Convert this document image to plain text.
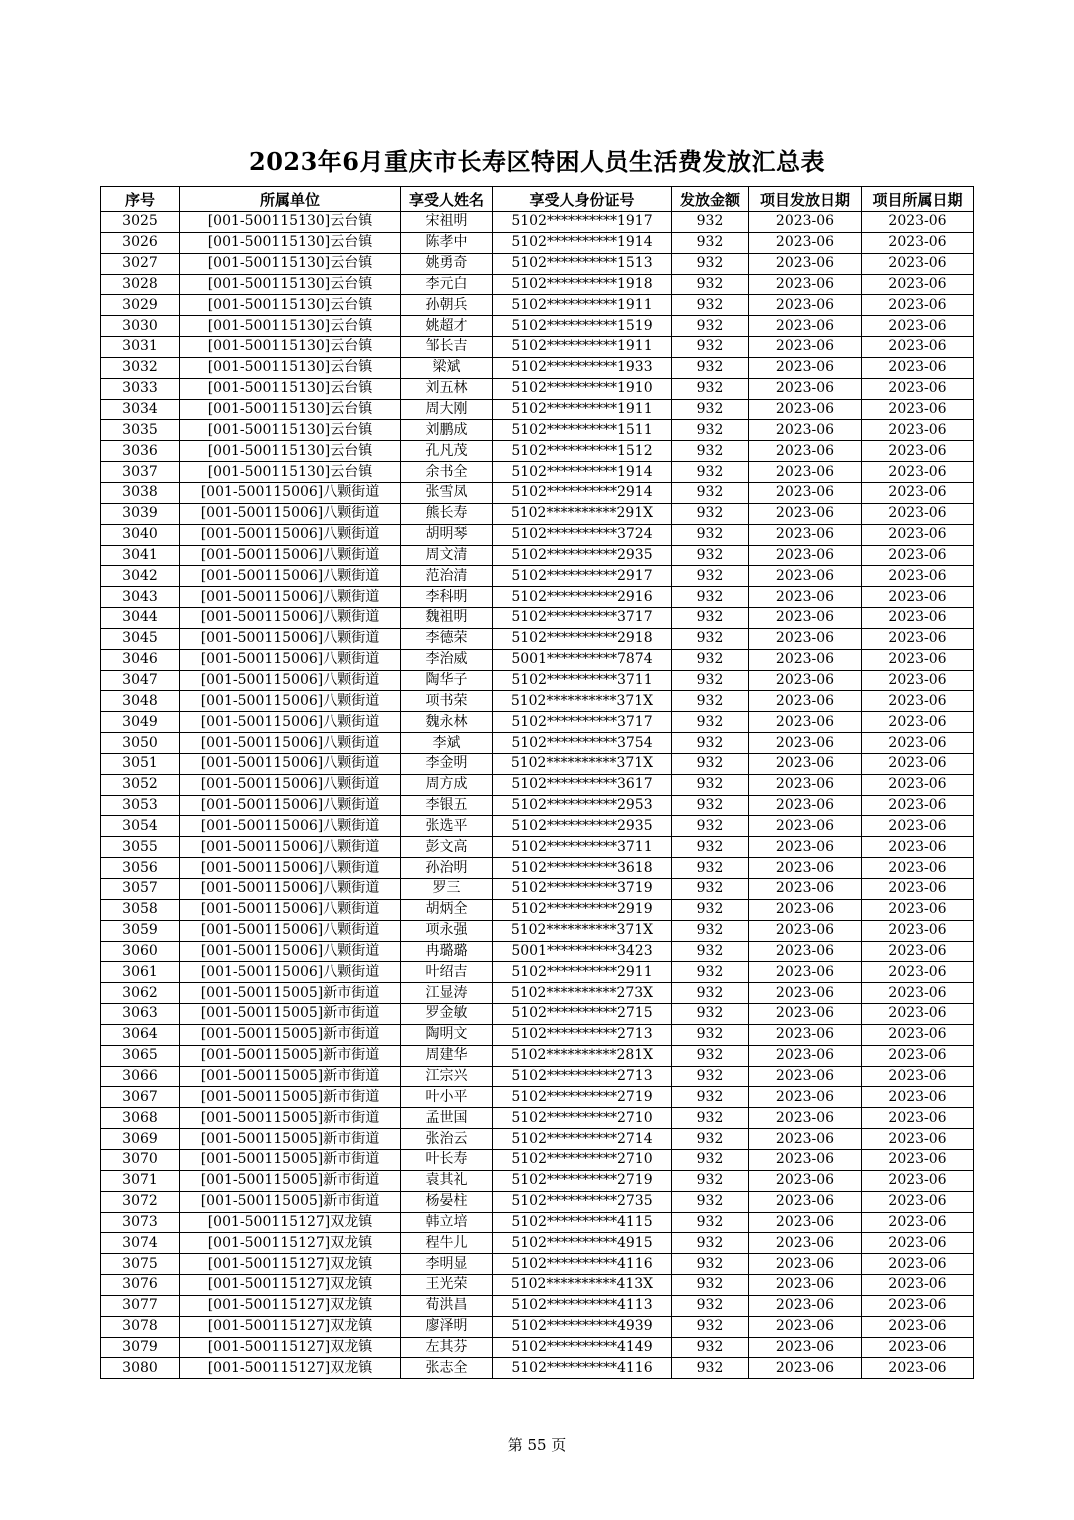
2023年6月重庆市长寿区特困人员生活费发放汇总表
序号	所属单位	享受人姓名	享受人身份证号	发放金额	项目发放日期	项目所属日期
3025	[001-500115130]云台镇	宋祖明	5102**********1917	932	2023-06	2023-06
3026	[001-500115130]云台镇	陈孝中	5102**********1914	932	2023-06	2023-06
3027	[001-500115130]云台镇	姚勇奇	5102**********1513	932	2023-06	2023-06
3028	[001-500115130]云台镇	李元白	5102**********1918	932	2023-06	2023-06
3029	[001-500115130]云台镇	孙朝兵	5102**********1911	932	2023-06	2023-06
3030	[001-500115130]云台镇	姚超才	5102**********1519	932	2023-06	2023-06
3031	[001-500115130]云台镇	邹长吉	5102**********1911	932	2023-06	2023-06
3032	[001-500115130]云台镇	梁斌	5102**********1933	932	2023-06	2023-06
3033	[001-500115130]云台镇	刘五林	5102**********1910	932	2023-06	2023-06
3034	[001-500115130]云台镇	周大刚	5102**********1911	932	2023-06	2023-06
3035	[001-500115130]云台镇	刘鹏成	5102**********1511	932	2023-06	2023-06
3036	[001-500115130]云台镇	孔凡茂	5102**********1512	932	2023-06	2023-06
3037	[001-500115130]云台镇	余书全	5102**********1914	932	2023-06	2023-06
3038	[001-500115006]八颗街道	张雪凤	5102**********2914	932	2023-06	2023-06
3039	[001-500115006]八颗街道	熊长寿	5102**********291X	932	2023-06	2023-06
3040	[001-500115006]八颗街道	胡明琴	5102**********3724	932	2023-06	2023-06
3041	[001-500115006]八颗街道	周文清	5102**********2935	932	2023-06	2023-06
3042	[001-500115006]八颗街道	范治清	5102**********2917	932	2023-06	2023-06
3043	[001-500115006]八颗街道	李科明	5102**********2916	932	2023-06	2023-06
3044	[001-500115006]八颗街道	魏祖明	5102**********3717	932	2023-06	2023-06
3045	[001-500115006]八颗街道	李德荣	5102**********2918	932	2023-06	2023-06
3046	[001-500115006]八颗街道	李治威	5001**********7874	932	2023-06	2023-06
3047	[001-500115006]八颗街道	陶华子	5102**********3711	932	2023-06	2023-06
3048	[001-500115006]八颗街道	项书荣	5102**********371X	932	2023-06	2023-06
3049	[001-500115006]八颗街道	魏永林	5102**********3717	932	2023-06	2023-06
3050	[001-500115006]八颗街道	李斌	5102**********3754	932	2023-06	2023-06
3051	[001-500115006]八颗街道	李金明	5102**********371X	932	2023-06	2023-06
3052	[001-500115006]八颗街道	周方成	5102**********3617	932	2023-06	2023-06
3053	[001-500115006]八颗街道	李银五	5102**********2953	932	2023-06	2023-06
3054	[001-500115006]八颗街道	张选平	5102**********2935	932	2023-06	2023-06
3055	[001-500115006]八颗街道	彭文高	5102**********3711	932	2023-06	2023-06
3056	[001-500115006]八颗街道	孙治明	5102**********3618	932	2023-06	2023-06
3057	[001-500115006]八颗街道	罗三	5102**********3719	932	2023-06	2023-06
3058	[001-500115006]八颗街道	胡炳全	5102**********2919	932	2023-06	2023-06
3059	[001-500115006]八颗街道	项永强	5102**********371X	932	2023-06	2023-06
3060	[001-500115006]八颗街道	冉璐璐	5001**********3423	932	2023-06	2023-06
3061	[001-500115006]八颗街道	叶绍吉	5102**********2911	932	2023-06	2023-06
3062	[001-500115005]新市街道	江显涛	5102**********273X	932	2023-06	2023-06
3063	[001-500115005]新市街道	罗金敏	5102**********2715	932	2023-06	2023-06
3064	[001-500115005]新市街道	陶明文	5102**********2713	932	2023-06	2023-06
3065	[001-500115005]新市街道	周建华	5102**********281X	932	2023-06	2023-06
3066	[001-500115005]新市街道	江宗兴	5102**********2713	932	2023-06	2023-06
3067	[001-500115005]新市街道	叶小平	5102**********2719	932	2023-06	2023-06
3068	[001-500115005]新市街道	孟世国	5102**********2710	932	2023-06	2023-06
3069	[001-500115005]新市街道	张治云	5102**********2714	932	2023-06	2023-06
3070	[001-500115005]新市街道	叶长寿	5102**********2710	932	2023-06	2023-06
3071	[001-500115005]新市街道	袁其礼	5102**********2719	932	2023-06	2023-06
3072	[001-500115005]新市街道	杨晏柱	5102**********2735	932	2023-06	2023-06
3073	[001-500115127]双龙镇	韩立培	5102**********4115	932	2023-06	2023-06
3074	[001-500115127]双龙镇	程牛儿	5102**********4915	932	2023-06	2023-06
3075	[001-500115127]双龙镇	李明显	5102**********4116	932	2023-06	2023-06
3076	[001-500115127]双龙镇	王光荣	5102**********413X	932	2023-06	2023-06
3077	[001-500115127]双龙镇	荀洪昌	5102**********4113	932	2023-06	2023-06
3078	[001-500115127]双龙镇	廖泽明	5102**********4939	932	2023-06	2023-06
3079	[001-500115127]双龙镇	左其芬	5102**********4149	932	2023-06	2023-06
3080	[001-500115127]双龙镇	张志全	5102**********4116	932	2023-06	2023-06
第 55 页
